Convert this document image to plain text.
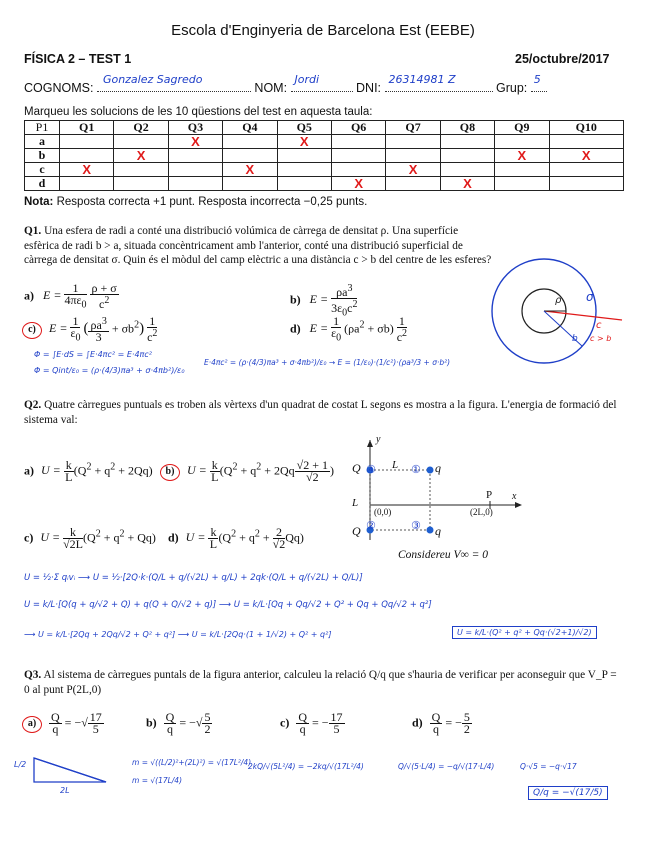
Escola d'Enginyeria de Barcelona Est (EEBE)
FÍSICA 2 – TEST 1	25/octubre/2017
COGNOMS:
Gonzalez Sagredo
NOM:
Jordi
DNI:
26314981 Z
Grup:
5
Marqueu les solucions de les 10 qüestions del test en aquesta taula:
P1	Q1	Q2	Q3	Q4	Q5	Q6	Q7	Q8	Q9	Q10
a			X		X					
b		X							X	X
c	X			X			X			
d						X		X		
Nota: Resposta correcta +1 punt. Resposta incorrecta −0,25 punts.
Q1. Una esfera de radi a conté una distribució volúmica de càrrega de densitat ρ. Una superfície esfèrica de radi b > a, situada concèntricament amb l'anterior, conté una distribució superficial de càrrega de densitat σ. Quin és el mòdul del camp elèctric a una distància c > b del centre de les esferes?
a) $E = \frac{1}{4\pi\varepsilon_0}$
$\frac{\rho + \sigma}{c^2}$	b) $E = \frac{\rho a^3}{3\varepsilon_0c^2}$
c) $E = \frac{1}{\varepsilon_0}$ ( $\frac{\rho a^3}{3} + \sigma b^2) \frac{1}{c^2}$	d) $E = \frac{1}{\varepsilon_0} (\rho a^2 + \sigma b) \frac{1}{c^2}$
σ
ρ
c
c > b
b
Φ = ∫E·dS = ∫E·4πc² = E·4πc²
Φ = Qint/ε₀ = (ρ·(4/3)πa³ + σ·4πb²)/ε₀
E·4πc² = (ρ·(4/3)πa³ + σ·4πb²)/ε₀ → E = (1/ε₀)·(1/c²)·(ρa³/3 + σ·b²)
Q2. Quatre càrregues puntuals es troben als vèrtexs d'un quadrat de costat L segons es mostra a la figura. L'energia de formació del sistema val:
a) $U = \frac{k}{L} (Q^2 + q^2 + 2Qq)$	b) $U = \frac{k}{L} (Q^2 + q^2 + 2Qq \frac{√2 + 1}{√2}$ )
c) $U = \frac{k}{√2L} (Q^2 + q^2 + Qq)$ d) $U = \frac{k}{L} (Q^2 + q^2 + \frac{2}{√2} Qq)$
y
x
Q	q
L
L
Q	q
(0,0)
P
(2L,0)
④	①
②	③
Considereu V∞ = 0
U = ½·Σ qᵢvᵢ ⟶ U = ½·[2Q·k·(Q/L + q/(√2L) + q/L) + 2qk·(Q/L + q/(√2L) + Q/L)]
U = k/L·[Q(q + q/√2 + Q) + q(Q + Q/√2 + q)] ⟶ U = k/L·[Qq + Qq/√2 + Q² + Qq + Qq/√2 + q²]
⟶ U = k/L·[2Qq + 2Qq/√2 + Q² + q²] ⟶ U = k/L·[2Qq·(1 + 1/√2) + Q² + q²]	U = k/L·(Q² + q² + Qq·(√2+1)/√2)
Q3. Al sistema de càrregues puntals de la figura anterior, calculeu la relació Q/q que s'hauria de verificar per aconseguir que V_P = 0 al punt P(2L,0)
$a) \frac{Q}{q}$ = −√ $\frac{17}{5}$	$b) \frac{Q}{q}$ = −√ $\frac{5}{2}$	$c) \frac{Q}{q}$ = − $\frac{17}{5}$	$d) \frac{Q}{q}$ = − $\frac{5}{2}$
L/2
2L
m = √((L/2)²+(2L)²) = √(17L²/4)
m = √(17L/4)
2kQ/√(5L²/4) = −2kq/√(17L²/4)	Q/√(5·L/4) = −q/√(17·L/4)	Q·√5 = −q·√17
Q/q = −√(17/5)
